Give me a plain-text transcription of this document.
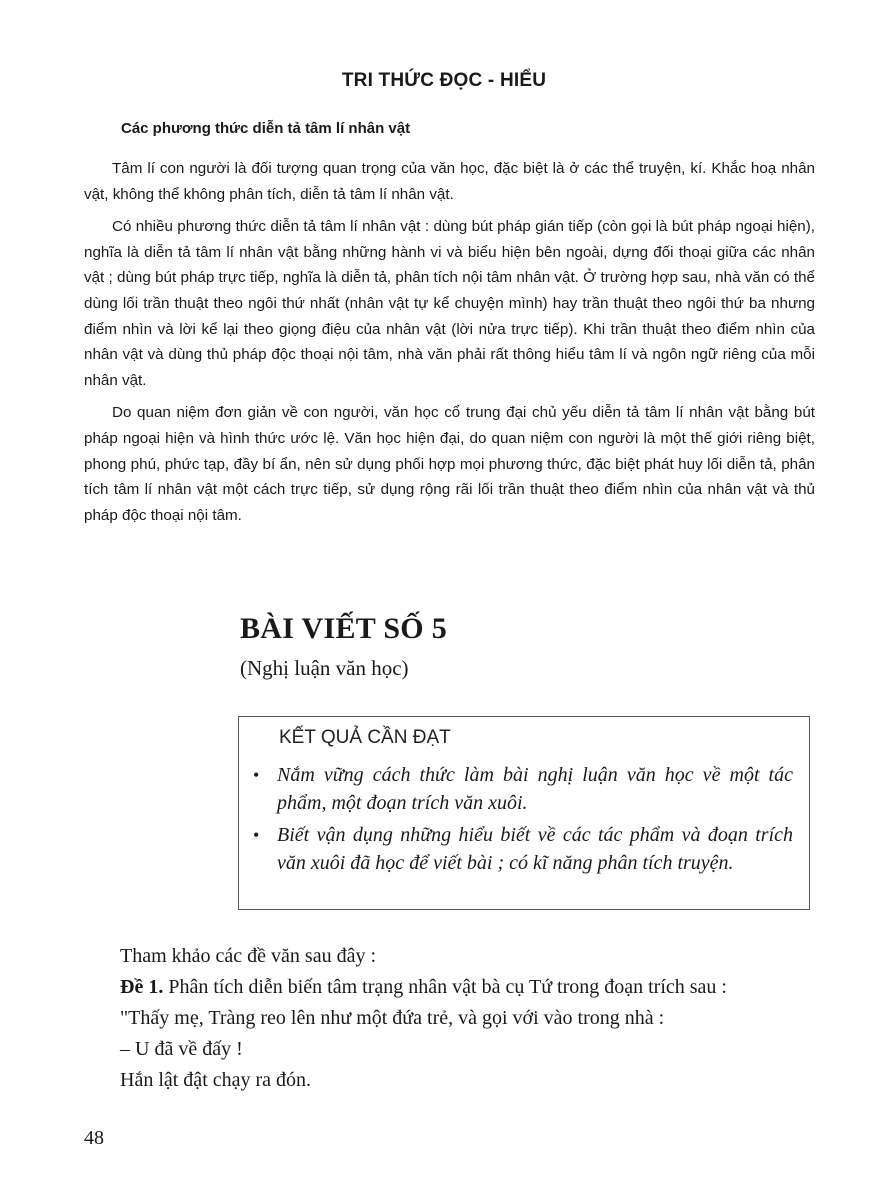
TRI THỨC ĐỌC - HIỂU
Các phương thức diễn tả tâm lí nhân vật

Tâm lí con người là đối tượng quan trọng của văn học, đặc biệt là ở các thể truyện, kí. Khắc hoạ nhân vật, không thể không phân tích, diễn tả tâm lí nhân vật.

Có nhiều phương thức diễn tả tâm lí nhân vật : dùng bút pháp gián tiếp (còn gọi là bút pháp ngoại hiện), nghĩa là diễn tả tâm lí nhân vật bằng những hành vi và biểu hiện bên ngoài, dựng đối thoại giữa các nhân vật ; dùng bút pháp trực tiếp, nghĩa là diễn tả, phân tích nội tâm nhân vật. Ở trường hợp sau, nhà văn có thể dùng lối trần thuật theo ngôi thứ nhất (nhân vật tự kể chuyện mình) hay trần thuật theo ngôi thứ ba nhưng điểm nhìn và lời kể lại theo giọng điệu của nhân vật (lời nửa trực tiếp). Khi trần thuật theo điểm nhìn của nhân vật và dùng thủ pháp độc thoại nội tâm, nhà văn phải rất thông hiểu tâm lí và ngôn ngữ riêng của mỗi nhân vật.

Do quan niệm đơn giản về con người, văn học cổ trung đại chủ yếu diễn tả tâm lí nhân vật bằng bút pháp ngoại hiện và hình thức ước lệ. Văn học hiện đại, do quan niệm con người là một thế giới riêng biệt, phong phú, phức tạp, đầy bí ẩn, nên sử dụng phối hợp mọi phương thức, đặc biệt phát huy lối diễn tả, phân tích tâm lí nhân vật một cách trực tiếp, sử dụng rộng rãi lối trần thuật theo điểm nhìn của nhân vật và thủ pháp độc thoại nội tâm.

BÀI VIẾT SỐ 5
(Nghị luận văn học)
KẾT QUẢ CẦN ĐẠT
• Nắm vững cách thức làm bài nghị luận văn học về một tác phẩm, một đoạn trích văn xuôi.
• Biết vận dụng những hiểu biết về các tác phẩm và đoạn trích văn xuôi đã học để viết bài ; có kĩ năng phân tích truyện.
Tham khảo các đề văn sau đây :
Đề 1. Phân tích diễn biến tâm trạng nhân vật bà cụ Tứ trong đoạn trích sau :
"Thấy mẹ, Tràng reo lên như một đứa trẻ, và gọi với vào trong nhà :
– U đã về đấy !
Hắn lật đật chạy ra đón.
48
